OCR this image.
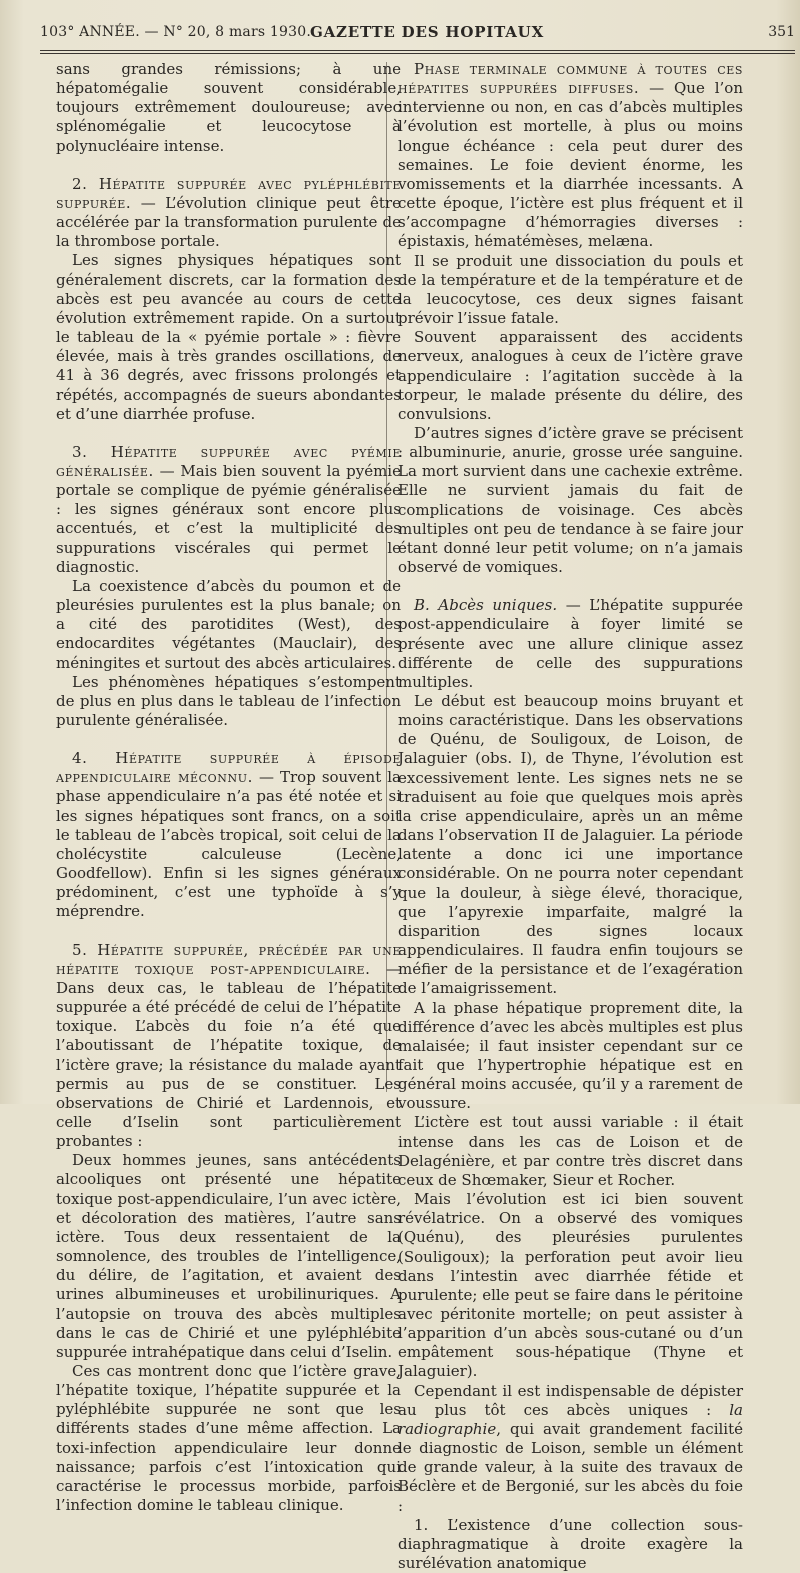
103° ANNÉE. — N° 20, 8 mars 1930. GAZETTE DES HOPITAUX	351

sans grandes rémissions; à une hépatomégalie souvent considérable, toujours extrêmement douloureuse; avec splénomégalie et leucocytose à polynucléaire intense.

2. Hépatite suppurée avec pyléphlébite suppurée. — L’évolution clinique peut être accélérée par la transformation purulente de la thrombose portale.

Les signes physiques hépatiques sont généralement discrets, car la formation des abcès est peu avancée au cours de cette évolution extrêmement rapide. On a surtout le tableau de la « pyémie portale » : fièvre élevée, mais à très grandes oscillations, de 41 à 36 degrés, avec frissons prolongés et répétés, accompagnés de sueurs abondantes et d’une diarrhée profuse.

3. Hépatite suppurée avec pyémie généralisée. — Mais bien souvent la pyémie portale se complique de pyémie généralisée : les signes généraux sont encore plus accentués, et c’est la multiplicité des suppurations viscérales qui permet le diagnostic.

La coexistence d’abcès du poumon et de pleurésies purulentes est la plus banale; on a cité des parotidites (West), des endocardites végétantes (Mauclair), des méningites et surtout des abcès articulaires.

Les phénomènes hépatiques s’estompent de plus en plus dans le tableau de l’infection purulente généralisée.

4. Hépatite suppurée à épisode appendiculaire méconnu. — Trop souvent la phase appendiculaire n’a pas été notée et si les signes hépatiques sont francs, on a soit le tableau de l’abcès tropical, soit celui de la cholécystite calculeuse (Lecène, Goodfellow). Enfin si les signes généraux prédominent, c’est une typhoïde à s’y méprendre.

5. Hépatite suppurée, précédée par une hépatite toxique post-appendiculaire. — Dans deux cas, le tableau de l’hépatite suppurée a été précédé de celui de l’hépatite toxique. L’abcès du foie n’a été que l’aboutissant de l’hépatite toxique, de l’ictère grave; la résistance du malade ayant permis au pus de se constituer. Les observations de Chirié et Lardennois, et celle d’Iselin sont particulièrement probantes :

Deux hommes jeunes, sans antécédents alcooliques ont présenté une hépatite toxique post-appendiculaire, l’un avec ictère, et décoloration des matières, l’autre sans ictère. Tous deux ressentaient de la somnolence, des troubles de l’intelligence, du délire, de l’agitation, et avaient des urines albumineuses et urobilinuriques. A l’autopsie on trouva des abcès multiples dans le cas de Chirié et une pyléphlébite suppurée intrahépatique dans celui d’Iselin.

Ces cas montrent donc que l’ictère grave, l’hépatite toxique, l’hépatite suppurée et la pyléphlébite suppurée ne sont que les différents stades d’une même affection. La toxi-infection appendiculaire leur donne naissance; parfois c’est l’intoxication qui caractérise le processus morbide, parfois l’infection domine le tableau clinique.

Phase terminale commune à toutes ces hépatites suppurées diffuses. — Que l’on intervienne ou non, en cas d’abcès multiples l’évolution est mortelle, à plus ou moins longue échéance : cela peut durer des semaines. Le foie devient énorme, les vomissements et la diarrhée incessants. A cette époque, l’ictère est plus fréquent et il s’accompagne d’hémorragies diverses : épistaxis, hématémèses, melæna.

Il se produit une dissociation du pouls et de la température et de la température et de la leucocytose, ces deux signes faisant prévoir l’issue fatale.

Souvent apparaissent des accidents nerveux, analogues à ceux de l’ictère grave appendiculaire : l’agitation succède à la torpeur, le malade présente du délire, des convulsions.

D’autres signes d’ictère grave se précisent : albuminurie, anurie, grosse urée sanguine. La mort survient dans une cachexie extrême. Elle ne survient jamais du fait de complications de voisinage. Ces abcès multiples ont peu de tendance à se faire jour étant donné leur petit volume; on n’a jamais observé de vomiques.

B. Abcès uniques. — L’hépatite suppurée post-appendiculaire à foyer limité se présente avec une allure clinique assez différente de celle des suppurations multiples.

Le début est beaucoup moins bruyant et moins caractéristique. Dans les observations de Quénu, de Souligoux, de Loison, de Jalaguier (obs. I), de Thyne, l’évolution est excessivement lente. Les signes nets ne se traduisent au foie que quelques mois après la crise appendiculaire, après un an même dans l’observation II de Jalaguier. La période latente a donc ici une importance considérable. On ne pourra noter cependant que la douleur, à siège élevé, thoracique, que l’apyrexie imparfaite, malgré la disparition des signes locaux appendiculaires. Il faudra enfin toujours se méfier de la persistance et de l’exagération de l’amaigrissement.

A la phase hépatique proprement dite, la différence d’avec les abcès multiples est plus malaisée; il faut insister cependant sur ce fait que l’hypertrophie hépatique est en général moins accusée, qu’il y a rarement de voussure.

L’ictère est tout aussi variable : il était intense dans les cas de Loison et de Delagénière, et par contre très discret dans ceux de Shœmaker, Sieur et Rocher.

Mais l’évolution est ici bien souvent révélatrice. On a observé des vomiques (Quénu), des pleurésies purulentes (Souligoux); la perforation peut avoir lieu dans l’intestin avec diarrhée fétide et purulente; elle peut se faire dans le péritoine avec péritonite mortelle; on peut assister à l’apparition d’un abcès sous-cutané ou d’un empâtement sous-hépatique (Thyne et Jalaguier).

Cependant il est indispensable de dépister au plus tôt ces abcès uniques : la radiographie, qui avait grandement facilité le diagnostic de Loison, semble un élément de grande valeur, à la suite des travaux de Béclère et de Bergonié, sur les abcès du foie :

1. L’existence d’une collection sous-diaphragmatique à droite exagère la surélévation anatomique
